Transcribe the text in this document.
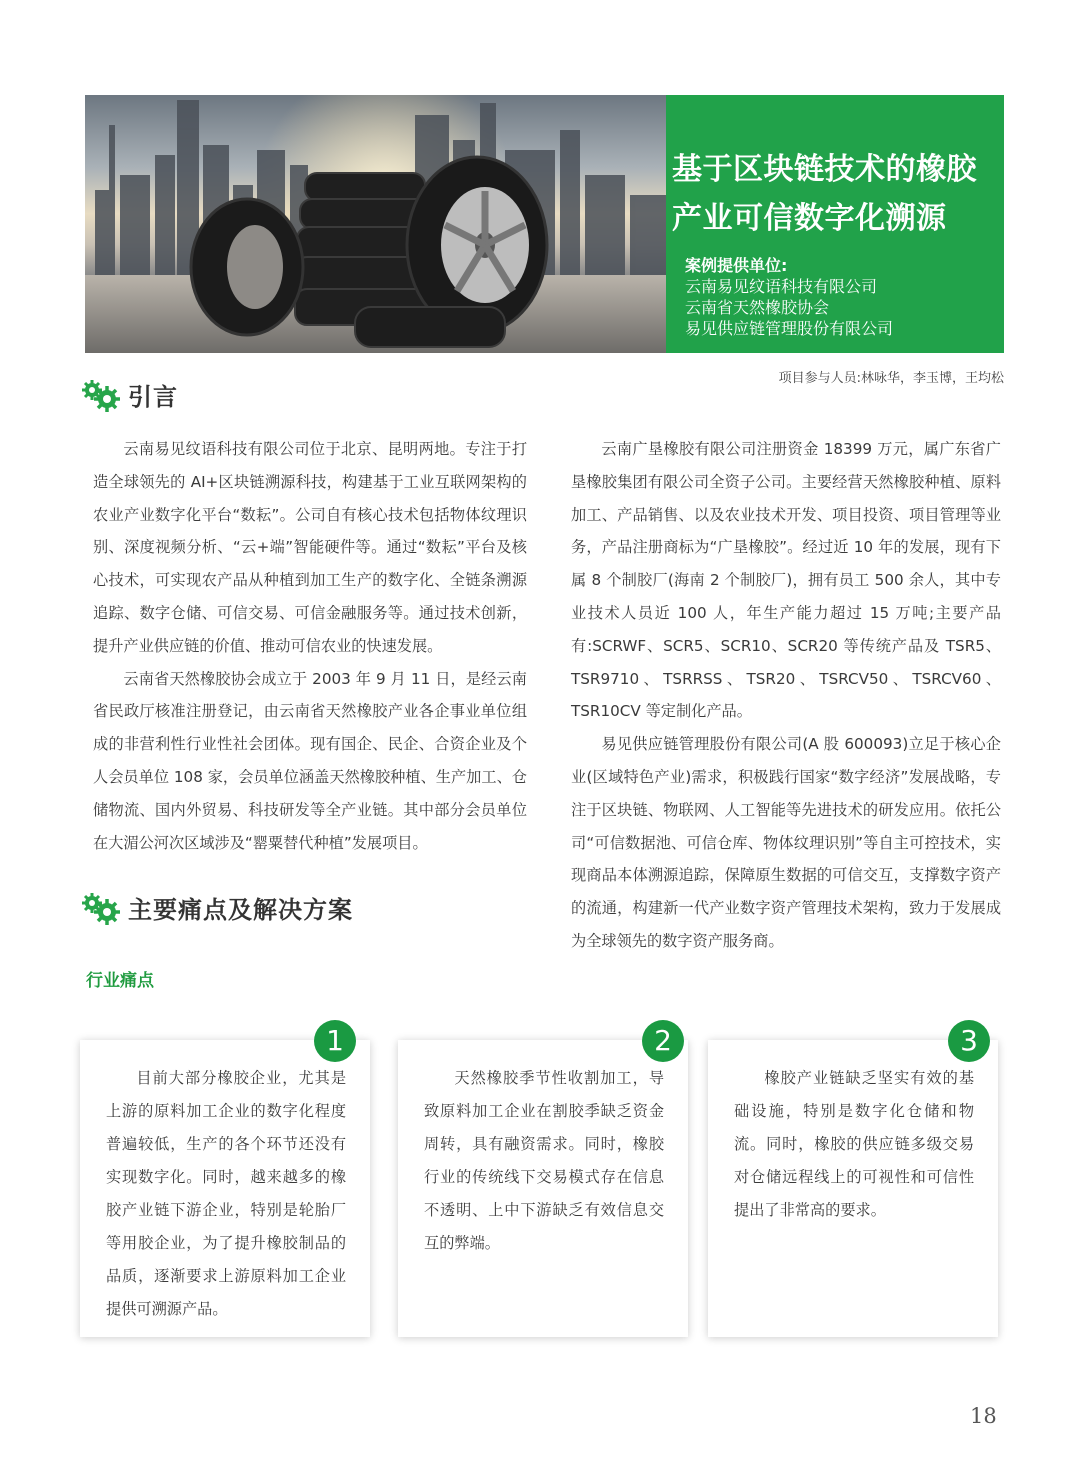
基于区块链技术的橡胶
产业可信数字化溯源
案例提供单位:
云南易见纹语科技有限公司
云南省天然橡胶协会
易见供应链管理股份有限公司
项目参与人员:林咏华，李玉博，王均松
引言

云南易见纹语科技有限公司位于北京、昆明两地。专注于打造全球领先的 AI+区块链溯源科技，构建基于工业互联网架构的农业产业数字化平台“数耘”。公司自有核心技术包括物体纹理识别、深度视频分析、“云+端”智能硬件等。通过“数耘”平台及核心技术，可实现农产品从种植到加工生产的数字化、全链条溯源追踪、数字仓储、可信交易、可信金融服务等。通过技术创新，提升产业供应链的价值、推动可信农业的快速发展。

云南省天然橡胶协会成立于 2003 年 9 月 11 日，是经云南省民政厅核准注册登记，由云南省天然橡胶产业各企事业单位组成的非营利性行业性社会团体。现有国企、民企、合资企业及个人会员单位 108 家，会员单位涵盖天然橡胶种植、生产加工、仓储物流、国内外贸易、科技研发等全产业链。其中部分会员单位在大湄公河次区域涉及“罂粟替代种植”发展项目。

云南广垦橡胶有限公司注册资金 18399 万元，属广东省广垦橡胶集团有限公司全资子公司。主要经营天然橡胶种植、原料加工、产品销售、以及农业技术开发、项目投资、项目管理等业务，产品注册商标为“广垦橡胶”。经过近 10 年的发展，现有下属 8 个制胶厂(海南 2 个制胶厂)，拥有员工 500 余人，其中专业技术人员近 100 人，年生产能力超过 15 万吨;主要产品有:SCRWF、SCR5、SCR10、SCR20 等传统产品及 TSR5、TSR9710、TSRRSS、TSR20、TSRCV50、TSRCV60、TSR10CV 等定制化产品。

易见供应链管理股份有限公司(A 股 600093)立足于核心企业(区域特色产业)需求，积极践行国家“数字经济”发展战略，专注于区块链、物联网、人工智能等先进技术的研发应用。依托公司“可信数据池、可信仓库、物体纹理识别”等自主可控技术，实现商品本体溯源追踪，保障原生数据的可信交互，支撑数字资产的流通，构建新一代产业数字资产管理技术架构，致力于发展成为全球领先的数字资产服务商。

主要痛点及解决方案
行业痛点

目前大部分橡胶企业，尤其是上游的原料加工企业的数字化程度普遍较低，生产的各个环节还没有实现数字化。同时，越来越多的橡胶产业链下游企业，特别是轮胎厂等用胶企业，为了提升橡胶制品的品质，逐渐要求上游原料加工企业提供可溯源产品。

1

天然橡胶季节性收割加工，导致原料加工企业在割胶季缺乏资金周转，具有融资需求。同时，橡胶行业的传统线下交易模式存在信息不透明、上中下游缺乏有效信息交互的弊端。

2

橡胶产业链缺乏坚实有效的基础设施，特别是数字化仓储和物流。同时，橡胶的供应链多级交易对仓储远程线上的可视性和可信性提出了非常高的要求。

3
18
